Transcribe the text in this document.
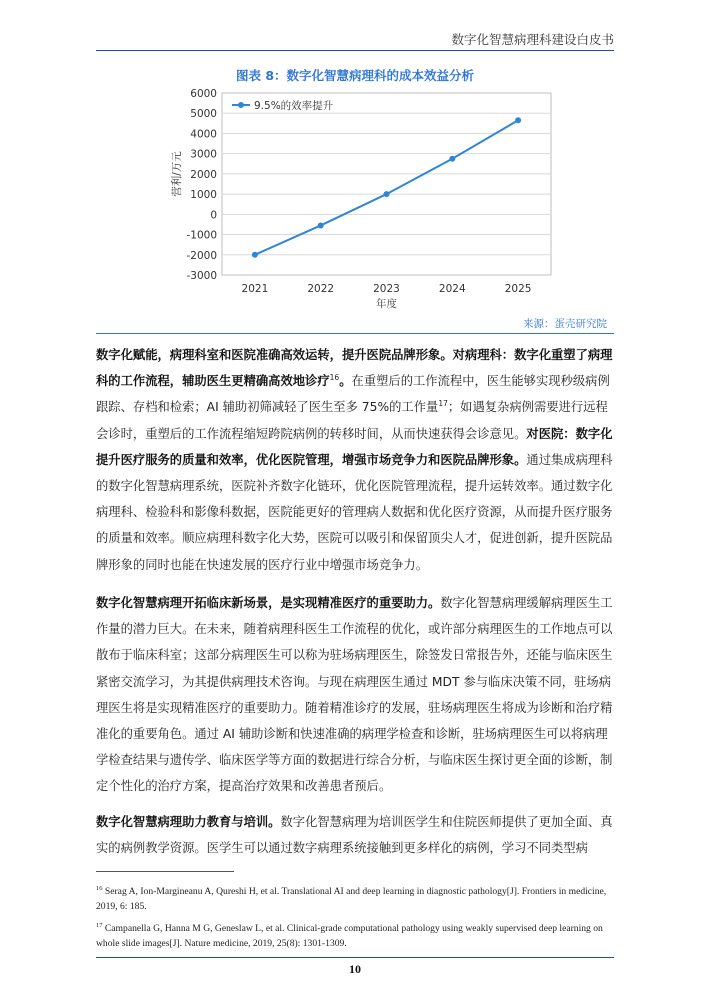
数字化智慧病理科建设白皮书
图表 8：数字化智慧病理科的成本效益分析
-3000
-2000
-1000
0
1000
2000
3000
4000
5000
6000
2021	2022	2023	2024	2025
年度
营利/万元
9.5%的效率提升
来源：蛋壳研究院

数字化赋能，病理科室和医院准确高效运转，提升医院品牌形象。对病理科：数字化重塑了病理科的工作流程，辅助医生更精确高效地诊疗$^{16}$。在重塑后的工作流程中，医生能够实现秒级病例跟踪、存档和检索；AI 辅助初筛减轻了医生至多 75%的工作量$^{17}$；如遇复杂病例需要进行远程会诊时，重塑后的工作流程缩短跨院病例的转移时间，从而快速获得会诊意见。对医院：数字化提升医疗服务的质量和效率，优化医院管理，增强市场竞争力和医院品牌形象。通过集成病理科的数字化智慧病理系统，医院补齐数字化链环，优化医院管理流程，提升运转效率。通过数字化病理科、检验科和影像科数据，医院能更好的管理病人数据和优化医疗资源，从而提升医疗服务的质量和效率。顺应病理科数字化大势，医院可以吸引和保留顶尖人才，促进创新，提升医院品牌形象的同时也能在快速发展的医疗行业中增强市场竞争力。

数字化智慧病理开拓临床新场景，是实现精准医疗的重要助力。数字化智慧病理缓解病理医生工作量的潜力巨大。在未来，随着病理科医生工作流程的优化，或许部分病理医生的工作地点可以散布于临床科室；这部分病理医生可以称为驻场病理医生，除签发日常报告外，还能与临床医生紧密交流学习，为其提供病理技术咨询。与现在病理医生通过 MDT 参与临床决策不同，驻场病理医生将是实现精准医疗的重要助力。随着精准诊疗的发展，驻场病理医生将成为诊断和治疗精准化的重要角色。通过 AI 辅助诊断和快速准确的病理学检查和诊断，驻场病理医生可以将病理学检查结果与遗传学、临床医学等方面的数据进行综合分析，与临床医生探讨更全面的诊断，制定个性化的治疗方案，提高治疗效果和改善患者预后。

数字化智慧病理助力教育与培训。数字化智慧病理为培训医学生和住院医师提供了更加全面、真实的病例教学资源。医学生可以通过数字病理系统接触到更多样化的病例，学习不同类型病

$^{16}$ Serag A, Ion-Margineanu A, Qureshi H, et al. Translational AI and deep learning in diagnostic pathology[J]. Frontiers in medicine, 2019, 6: 185.

$^{17}$ Campanella G, Hanna M G, Geneslaw L, et al. Clinical-grade computational pathology using weakly supervised deep learning on whole slide images[J]. Nature medicine, 2019, 25(8): 1301-1309.

10
